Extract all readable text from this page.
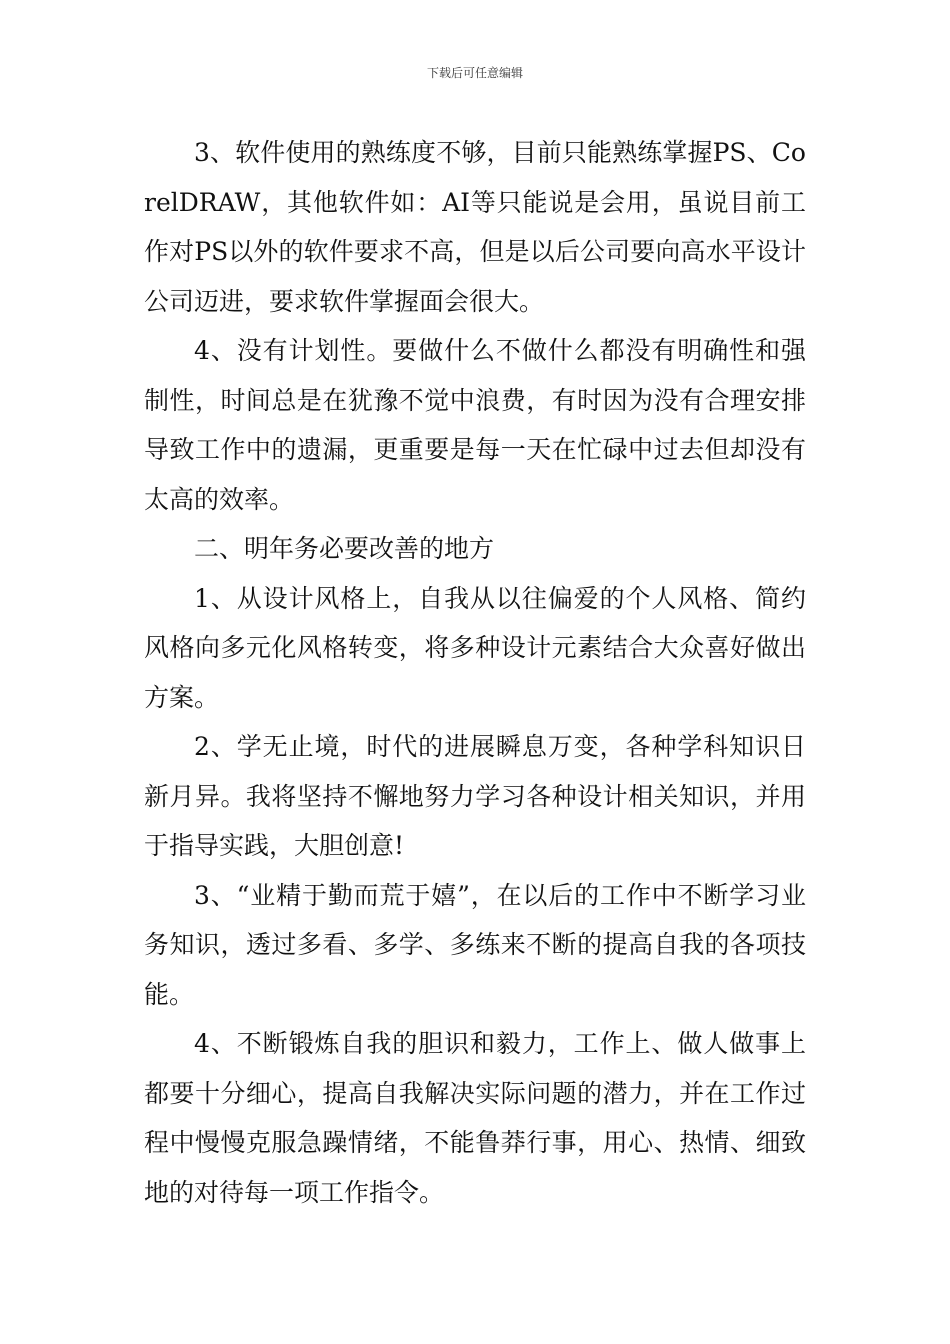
下载后可任意编辑

3、软件使用的熟练度不够，目前只能熟练掌握PS、CorelDRAW，其他软件如：AI等只能说是会用，虽说目前工作对PS以外的软件要求不高，但是以后公司要向高水平设计公司迈进，要求软件掌握面会很大。

4、没有计划性。要做什么不做什么都没有明确性和强制性，时间总是在犹豫不觉中浪费，有时因为没有合理安排导致工作中的遗漏，更重要是每一天在忙碌中过去但却没有太高的效率。

二、明年务必要改善的地方

1、从设计风格上，自我从以往偏爱的个人风格、简约风格向多元化风格转变，将多种设计元素结合大众喜好做出方案。

2、学无止境，时代的进展瞬息万变，各种学科知识日新月异。我将坚持不懈地努力学习各种设计相关知识，并用于指导实践，大胆创意!

3、“业精于勤而荒于嬉”，在以后的工作中不断学习业务知识，透过多看、多学、多练来不断的提高自我的各项技能。

4、不断锻炼自我的胆识和毅力，工作上、做人做事上都要十分细心，提高自我解决实际问题的潜力，并在工作过程中慢慢克服急躁情绪，不能鲁莽行事，用心、热情、细致地的对待每一项工作指令。
